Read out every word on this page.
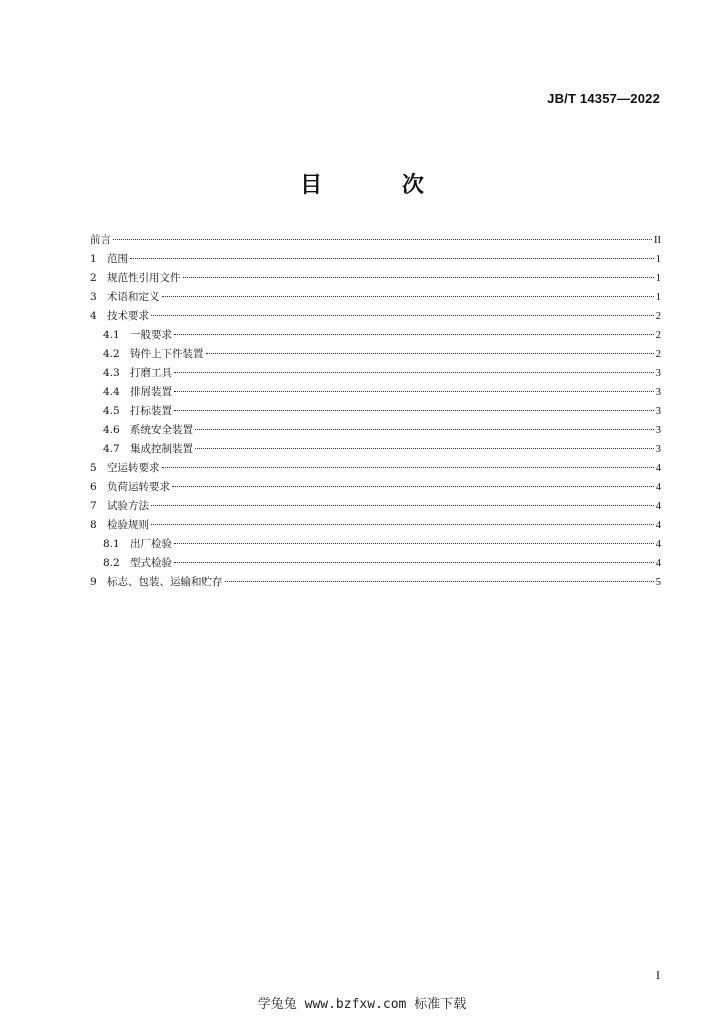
JB/T 14357—2022
目 次
前言	II
1 范围	1
2 规范性引用文件	1
3 术语和定义	1
4 技术要求	2
4.1 一般要求	2
4.2 铸件上下件装置	2
4.3 打磨工具	3
4.4 排屑装置	3
4.5 打标装置	3
4.6 系统安全装置	3
4.7 集成控制装置	3
5 空运转要求	4
6 负荷运转要求	4
7 试验方法	4
8 检验规则	4
8.1 出厂检验	4
8.2 型式检验	4
9 标志、包装、运输和贮存	5
I
学兔兔 www.bzfxw.com 标准下载
